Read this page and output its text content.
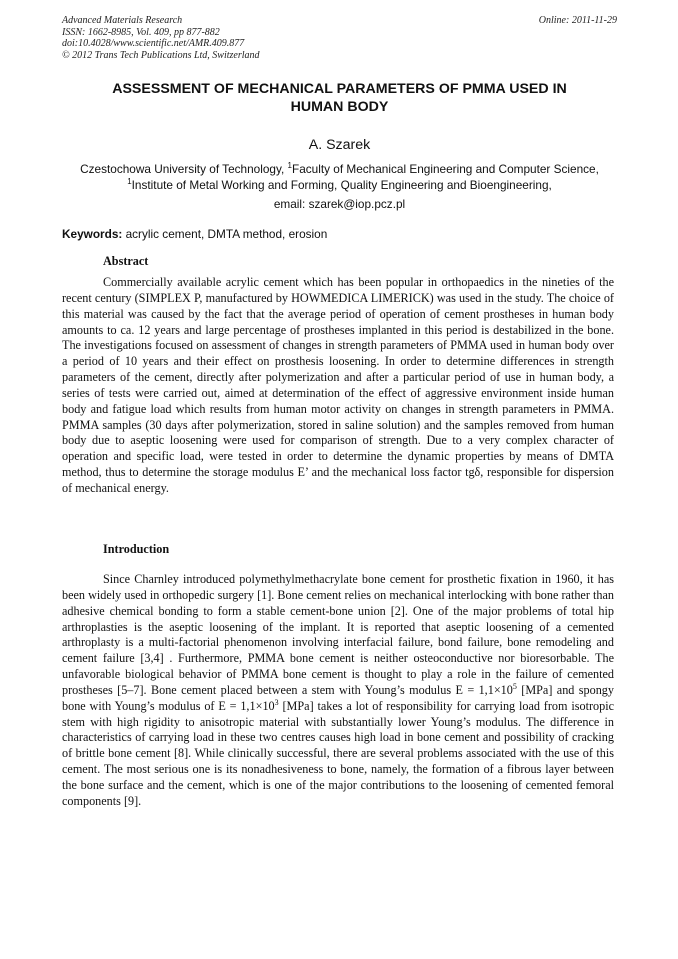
Advanced Materials Research
ISSN: 1662-8985, Vol. 409, pp 877-882
doi:10.4028/www.scientific.net/AMR.409.877
© 2012 Trans Tech Publications Ltd, Switzerland
Online: 2011-11-29
ASSESSMENT OF MECHANICAL PARAMETERS OF PMMA USED IN
HUMAN BODY
A. Szarek
Czestochowa University of Technology, $^1$Faculty of Mechanical Engineering and Computer Science, $^1$Institute of Metal Working and Forming, Quality Engineering and Bioengineering,
email: szarek@iop.pcz.pl
Keywords: acrylic cement, DMTA method, erosion
Abstract
Commercially available acrylic cement which has been popular in orthopaedics in the nineties of the recent century (SIMPLEX P, manufactured by HOWMEDICA LIMERICK) was used in the study. The choice of this material was caused by the fact that the average period of operation of cement prostheses in human body amounts to ca. 12 years and large percentage of prostheses implanted in this period is destabilized in the bone. The investigations focused on assessment of changes in strength parameters of PMMA used in human body over a period of 10 years and their effect on prosthesis loosening. In order to determine differences in strength parameters of the cement, directly after polymerization and after a particular period of use in human body, a series of tests were carried out, aimed at determination of the effect of aggressive environment inside human body and fatigue load which results from human motor activity on changes in strength parameters in PMMA. PMMA samples (30 days after polymerization, stored in saline solution) and the samples removed from human body due to aseptic loosening were used for comparison of strength. Due to a very complex character of operation and specific load, were tested in order to determine the dynamic properties by means of DMTA method, thus to determine the storage modulus E’ and the mechanical loss factor tgδ, responsible for dispersion of mechanical energy.
Introduction
Since Charnley introduced polymethylmethacrylate bone cement for prosthetic fixation in 1960, it has been widely used in orthopedic surgery [1]. Bone cement relies on mechanical interlocking with bone rather than adhesive chemical bonding to form a stable cement-bone union [2]. One of the major problems of total hip arthroplasties is the aseptic loosening of the implant. It is reported that aseptic loosening of a cemented arthroplasty is a multi-factorial phenomenon involving interfacial failure, bond failure, bone remodeling and cement failure [3,4] . Furthermore, PMMA bone cement is neither osteoconductive nor bioresorbable. The unfavorable biological behavior of PMMA bone cement is thought to play a role in the failure of cemented prostheses [5–7]. Bone cement placed between a stem with Young’s modulus $E = 1,1\times 10^5$ [MPa] and spongy bone with Young’s modulus of $E = 1,1\times 10^3$ [MPa] takes a lot of responsibility for carrying load from isotropic stem with high rigidity to anisotropic material with substantially lower Young’s modulus. The difference in characteristics of carrying load in these two centres causes high load in bone cement and possibility of cracking of brittle bone cement [8]. While clinically successful, there are several problems associated with the use of this cement. The most serious one is its nonadhesiveness to bone, namely, the formation of a fibrous layer between the bone surface and the cement, which is one of the major contributions to the loosening of cemented femoral components [9].
